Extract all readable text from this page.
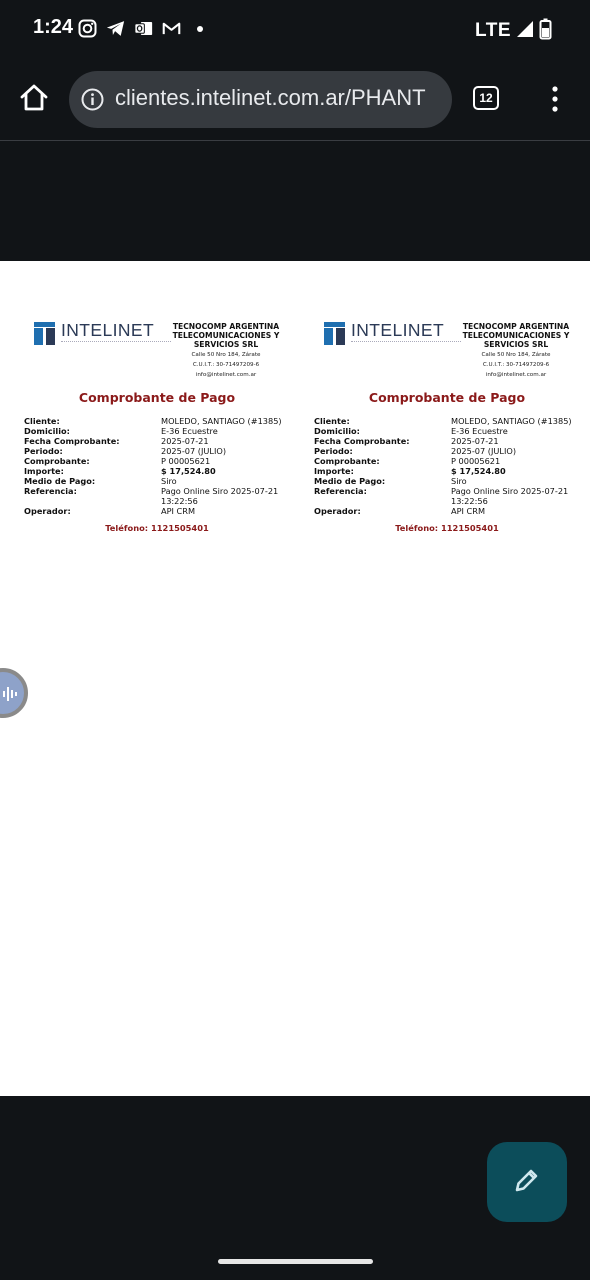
1:24	LTE
clientes.intelinet.com.ar/PHANT	12
INTELINET	TECNOCOMP ARGENTINA TELECOMUNICACIONES Y SERVICIOS SRL
Calle 50 Nro 184, Zárate
C.U.I.T.: 30-71497209-6
info@intelinet.com.ar
Comprobante de Pago
Cliente:	MOLEDO, SANTIAGO (#1385)
Domicilio:	E-36 Ecuestre
Fecha Comprobante:	2025-07-21
Periodo:	2025-07 (JULIO)
Comprobante:	P 00005621
Importe:	$ 17,524.80
Medio de Pago:	Siro
Referencia:	Pago Online Siro 2025-07-21
13:22:56
Operador:	API CRM
Teléfono: 1121505401
INTELINET	TECNOCOMP ARGENTINA TELECOMUNICACIONES Y SERVICIOS SRL
Calle 50 Nro 184, Zárate
C.U.I.T.: 30-71497209-6
info@intelinet.com.ar
Comprobante de Pago
Cliente:	MOLEDO, SANTIAGO (#1385)
Domicilio:	E-36 Ecuestre
Fecha Comprobante:	2025-07-21
Periodo:	2025-07 (JULIO)
Comprobante:	P 00005621
Importe:	$ 17,524.80
Medio de Pago:	Siro
Referencia:	Pago Online Siro 2025-07-21
13:22:56
Operador:	API CRM
Teléfono: 1121505401
